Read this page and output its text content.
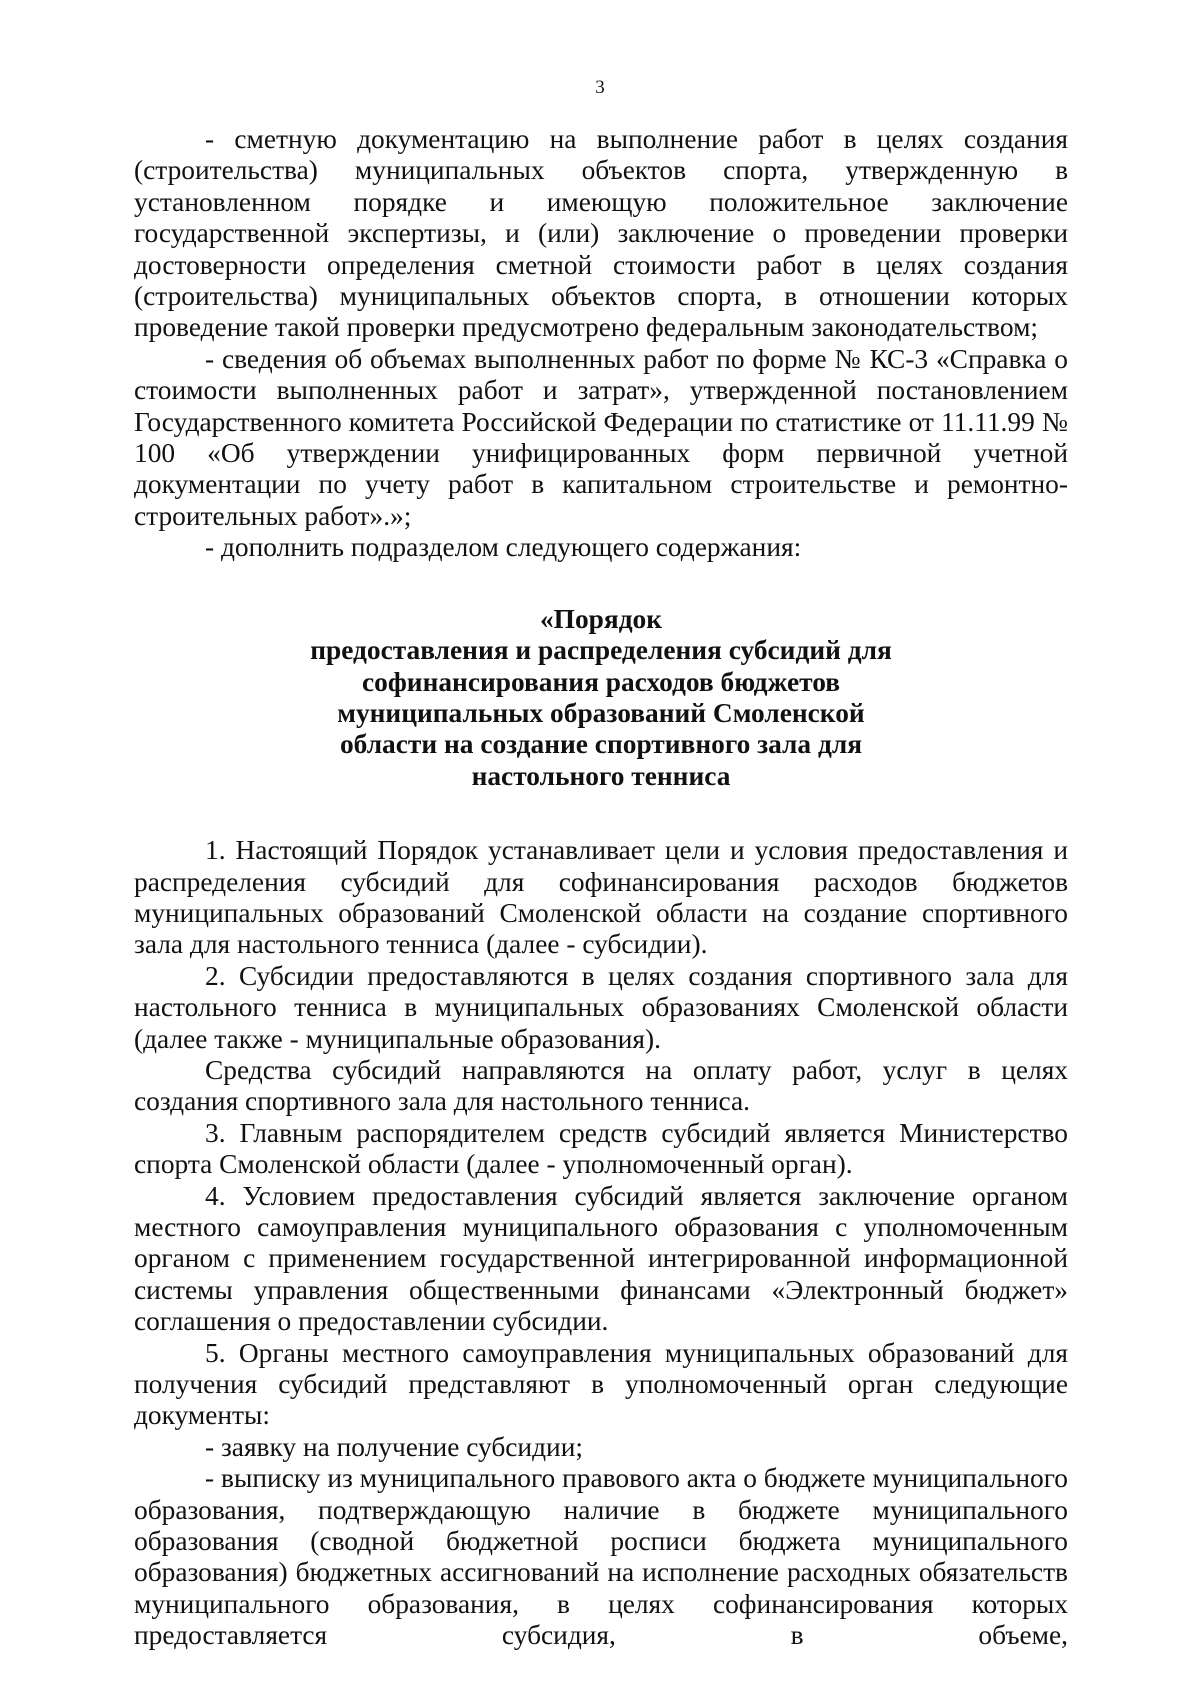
3

- сметную документацию на выполнение работ в целях создания (строительства) муниципальных объектов спорта, утвержденную в установленном порядке и имеющую положительное заключение государственной экспертизы, и (или) заключение о проведении проверки достоверности определения сметной стоимости работ в целях создания (строительства) муниципальных объектов спорта, в отношении которых проведение такой проверки предусмотрено федеральным законодательством;

- сведения об объемах выполненных работ по форме № КС-3 «Справка о стоимости выполненных работ и затрат», утвержденной постановлением Государственного комитета Российской Федерации по статистике от 11.11.99 № 100 «Об утверждении унифицированных форм первичной учетной документации по учету работ в капитальном строительстве и ремонтно-строительных работ».»;

- дополнить подразделом следующего содержания:

«Порядок
предоставления и распределения субсидий для
софинансирования расходов бюджетов
муниципальных образований Смоленской
области на создание спортивного зала для
настольного тенниса

1. Настоящий Порядок устанавливает цели и условия предоставления и распределения субсидий для софинансирования расходов бюджетов муниципальных образований Смоленской области на создание спортивного зала для настольного тенниса (далее - субсидии).

2. Субсидии предоставляются в целях создания спортивного зала для настольного тенниса в муниципальных образованиях Смоленской области (далее также - муниципальные образования).

Средства субсидий направляются на оплату работ, услуг в целях создания спортивного зала для настольного тенниса.

3. Главным распорядителем средств субсидий является Министерство спорта Смоленской области (далее - уполномоченный орган).

4. Условием предоставления субсидий является заключение органом местного самоуправления муниципального образования с уполномоченным органом с применением государственной интегрированной информационной системы управления общественными финансами «Электронный бюджет» соглашения о предоставлении субсидии.

5. Органы местного самоуправления муниципальных образований для получения субсидий представляют в уполномоченный орган следующие документы:

- заявку на получение субсидии;

- выписку из муниципального правового акта о бюджете муниципального образования, подтверждающую наличие в бюджете муниципального образования (сводной бюджетной росписи бюджета муниципального образования) бюджетных ассигнований на исполнение расходных обязательств муниципального образования, в целях софинансирования которых предоставляется субсидия, в объеме,
